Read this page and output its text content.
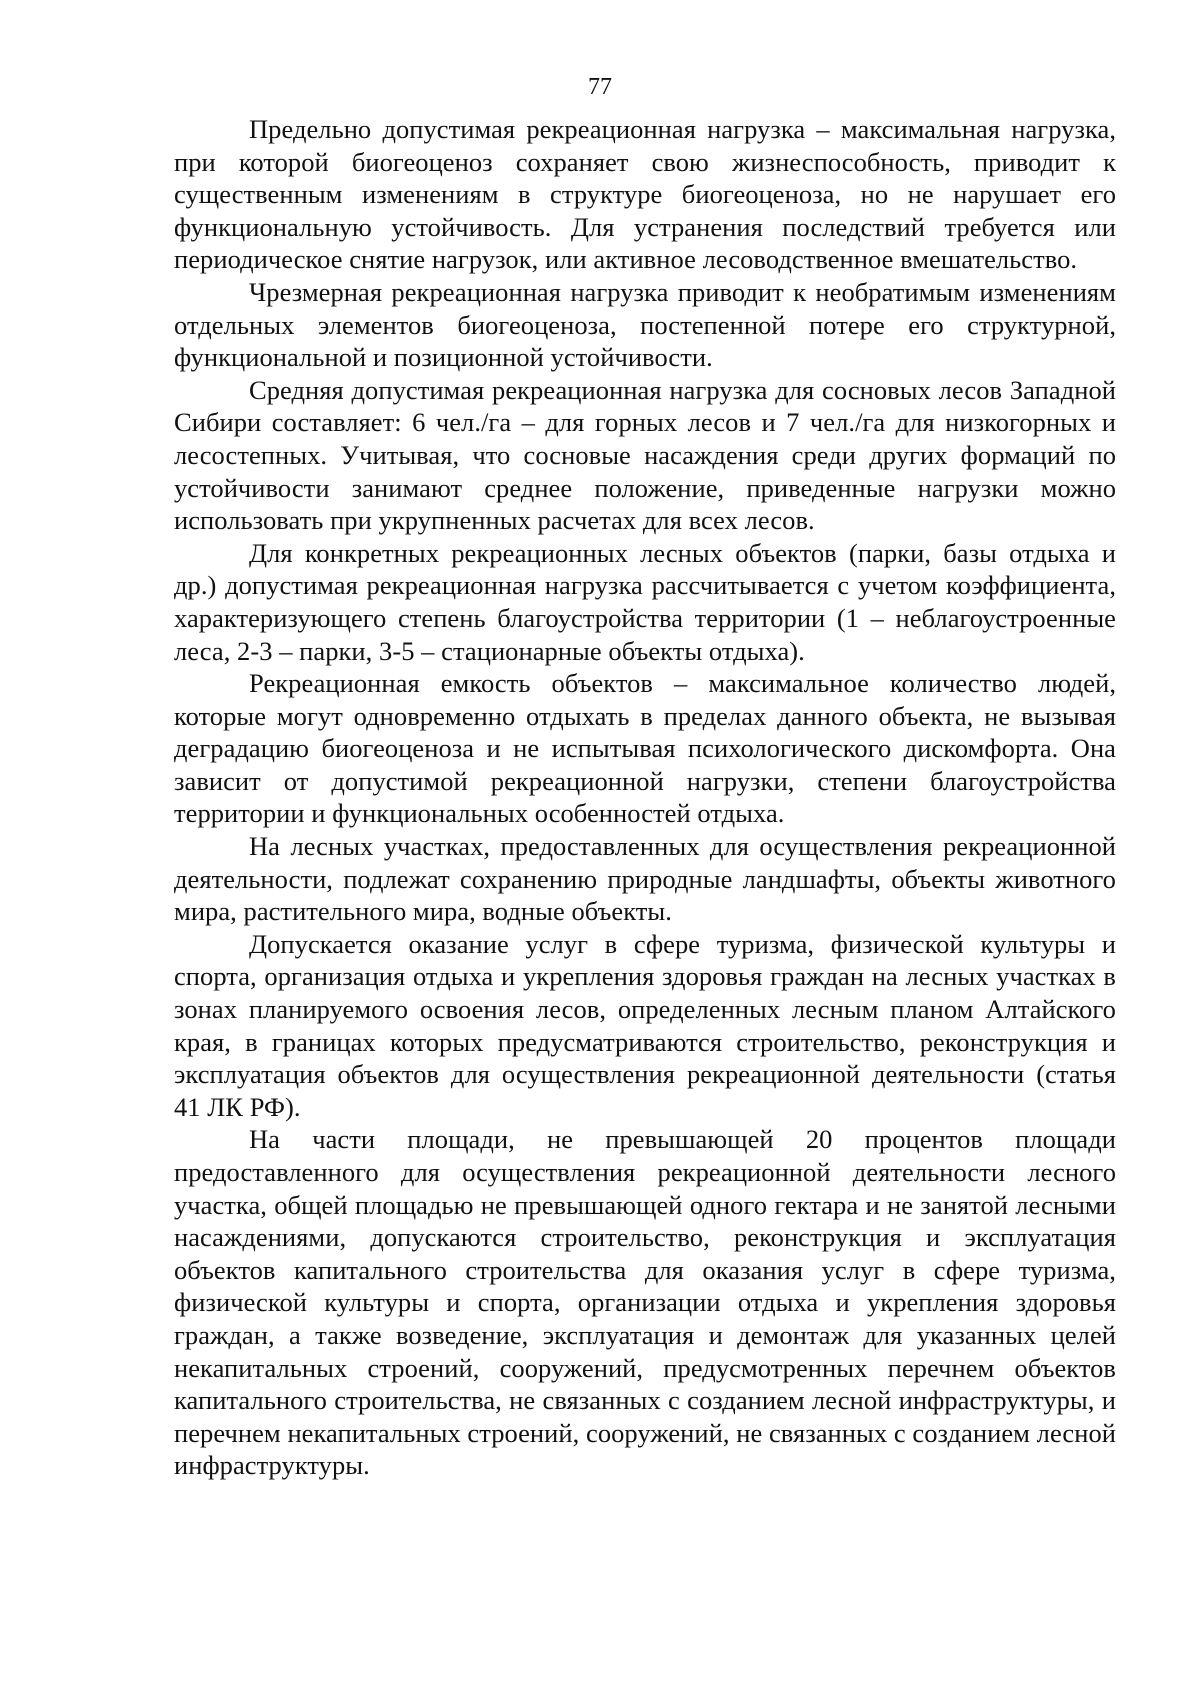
77

Предельно допустимая рекреационная нагрузка – максимальная нагрузка, при которой биогеоценоз сохраняет свою жизнеспособность, приводит к существенным изменениям в структуре биогеоценоза, но не нарушает его функциональную устойчивость. Для устранения последствий требуется или периодическое снятие нагрузок, или активное лесоводственное вмешательство.

Чрезмерная рекреационная нагрузка приводит к необратимым изменениям отдельных элементов биогеоценоза, постепенной потере его структурной, функциональной и позиционной устойчивости.

Средняя допустимая рекреационная нагрузка для сосновых лесов Западной Сибири составляет: 6 чел./га – для горных лесов и 7 чел./га для низкогорных и лесостепных. Учитывая, что сосновые насаждения среди других формаций по устойчивости занимают среднее положение, приведенные нагрузки можно использовать при укрупненных расчетах для всех лесов.

Для конкретных рекреационных лесных объектов (парки, базы отдыха и др.) допустимая рекреационная нагрузка рассчитывается с учетом коэффициента, характеризующего степень благоустройства территории (1 – неблагоустроенные леса, 2-3 – парки, 3-5 – стационарные объекты отдыха).

Рекреационная емкость объектов – максимальное количество людей, которые могут одновременно отдыхать в пределах данного объекта, не вызывая деградацию биогеоценоза и не испытывая психологического дискомфорта. Она зависит от допустимой рекреационной нагрузки, степени благоустройства территории и функциональных особенностей отдыха.

На лесных участках, предоставленных для осуществления рекреационной деятельности, подлежат сохранению природные ландшафты, объекты животного мира, растительного мира, водные объекты.

Допускается оказание услуг в сфере туризма, физической культуры и спорта, организация отдыха и укрепления здоровья граждан на лесных участках в зонах планируемого освоения лесов, определенных лесным планом Алтайского края, в границах которых предусматриваются строительство, реконструкция и эксплуатация объектов для осуществления рекреационной деятельности (статья 41 ЛК РФ).

На части площади, не превышающей 20 процентов площади предоставленного для осуществления рекреационной деятельности лесного участка, общей площадью не превышающей одного гектара и не занятой лесными насаждениями, допускаются строительство, реконструкция и эксплуатация объектов капитального строительства для оказания услуг в сфере туризма, физической культуры и спорта, организации отдыха и укрепления здоровья граждан, а также возведение, эксплуатация и демонтаж для указанных целей некапитальных строений, сооружений, предусмотренных перечнем объектов капитального строительства, не связанных с созданием лесной инфраструктуры, и перечнем некапитальных строений, сооружений, не связанных с созданием лесной инфраструктуры.
